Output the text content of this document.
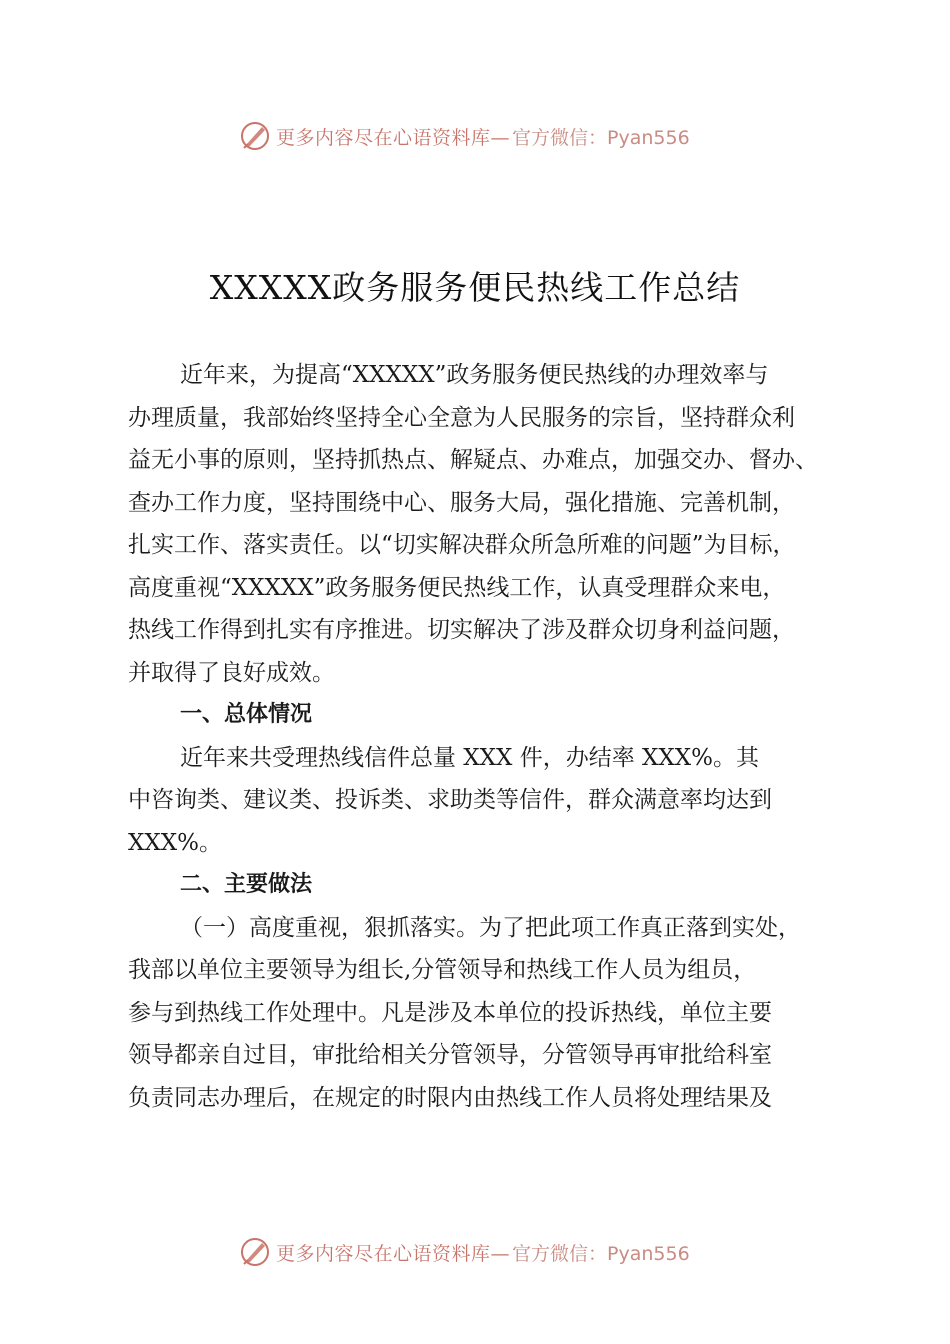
更多内容尽在心语资料库— 官方微信：Pyan556
XXXXX政务服务便民热线工作总结
近年来，为提高“XXXXX”政务服务便民热线的办理效率与
办理质量，我部始终坚持全心全意为人民服务的宗旨，坚持群众利
益无小事的原则，坚持抓热点、解疑点、办难点，加强交办、督办、
查办工作力度，坚持围绕中心、服务大局，强化措施、完善机制，
扎实工作、落实责任。以“切实解决群众所急所难的问题”为目标，
高度重视“XXXXX”政务服务便民热线工作，认真受理群众来电，
热线工作得到扎实有序推进。切实解决了涉及群众切身利益问题，
并取得了良好成效。
一、总体情况
近年来共受理热线信件总量 XXX 件，办结率 XXX%。其
中咨询类、建议类、投诉类、求助类等信件，群众满意率均达到
XXX%。
二、主要做法
（一）高度重视，狠抓落实。为了把此项工作真正落到实处，
我部以单位主要领导为组长,分管领导和热线工作人员为组员，
参与到热线工作处理中。凡是涉及本单位的投诉热线，单位主要
领导都亲自过目，审批给相关分管领导，分管领导再审批给科室
负责同志办理后，在规定的时限内由热线工作人员将处理结果及
更多内容尽在心语资料库— 官方微信：Pyan556
